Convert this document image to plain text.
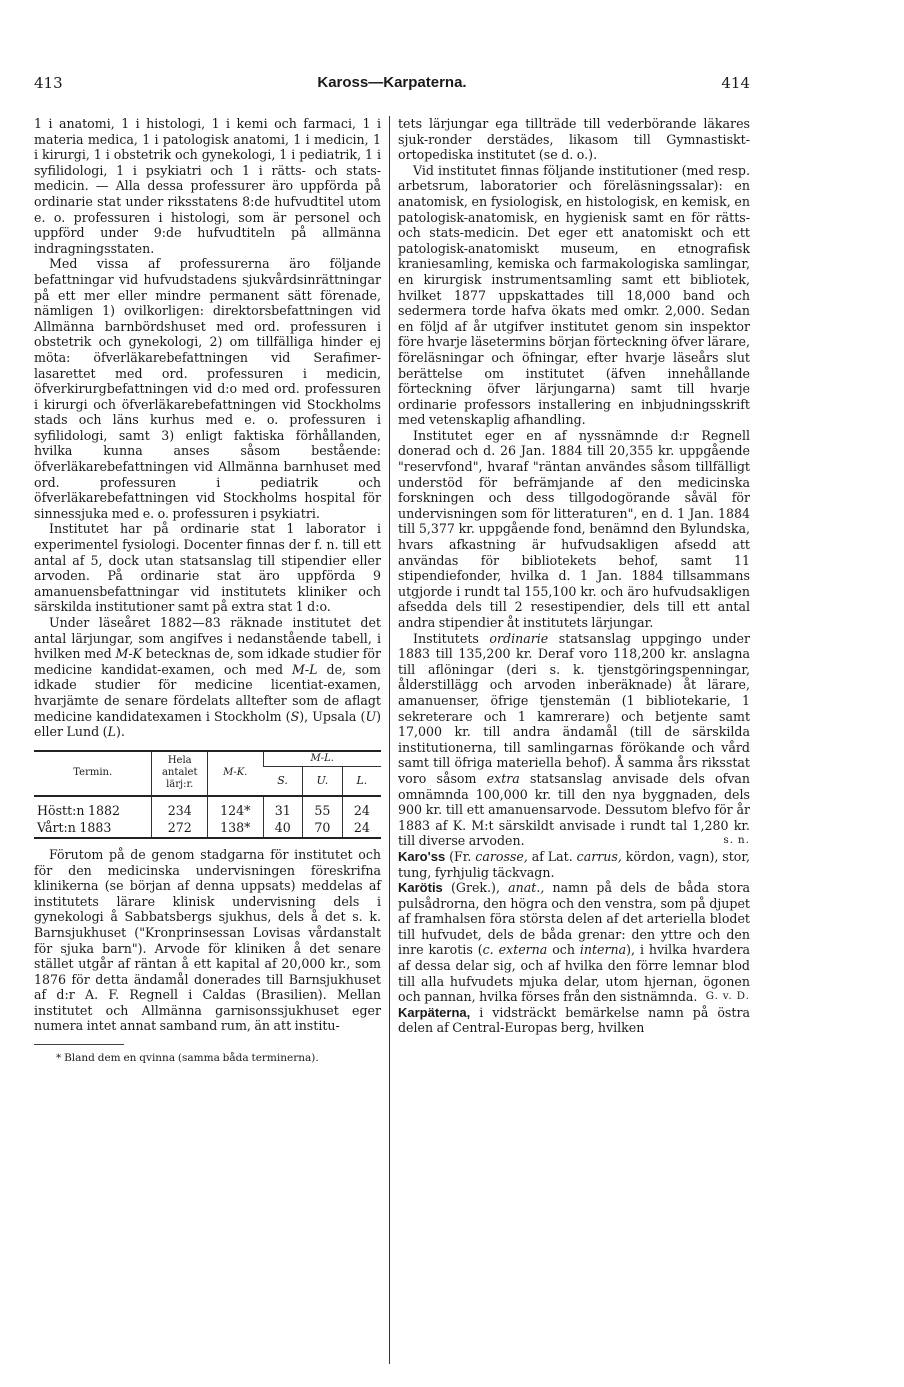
413	Kaross—Karpaterna.	414

1 i anatomi, 1 i histologi, 1 i kemi och farmaci, 1 i materia medica, 1 i patologisk anatomi, 1 i medicin, 1 i kirurgi, 1 i obstetrik och gynekologi, 1 i pediatrik, 1 i syfilidologi, 1 i psykiatri och 1 i rätts- och stats-medicin. — Alla dessa professurer äro uppförda på ordinarie stat under riksstatens 8:de hufvudtitel utom e. o. professuren i histologi, som är personel och uppförd under 9:de hufvudtiteln på allmänna indragningsstaten.

Med vissa af professurerna äro följande befattningar vid hufvudstadens sjukvårdsinrättningar på ett mer eller mindre permanent sätt förenade, nämligen 1) ovilkorligen: direktorsbefattningen vid Allmänna barnbördshuset med ord. professuren i obstetrik och gynekologi, 2) om tillfälliga hinder ej möta: öfverläkarebefattningen vid Serafimer-lasarettet med ord. professuren i medicin, öfverkirurgbefattningen vid d:o med ord. professuren i kirurgi och öfverläkarebefattningen vid Stockholms stads och läns kurhus med e. o. professuren i syfilidologi, samt 3) enligt faktiska förhållanden, hvilka kunna anses såsom bestående: öfverläkarebefattningen vid Allmänna barnhuset med ord. professuren i pediatrik och öfverläkarebefattningen vid Stockholms hospital för sinnessjuka med e. o. professuren i psykiatri.

Institutet har på ordinarie stat 1 laborator i experimentel fysiologi. Docenter finnas der f. n. till ett antal af 5, dock utan statsanslag till stipendier eller arvoden. På ordinarie stat äro uppförda 9 amanuensbefattningar vid institutets kliniker och särskilda institutioner samt på extra stat 1 d:o.

Under läseåret 1882—83 räknade institutet det antal lärjungar, som angifves i nedanstående tabell, i hvilken med M-K betecknas de, som idkade studier för medicine kandidat-examen, och med M-L de, som idkade studier för medicine licentiat-examen, hvarjämte de senare fördelats alltefter som de aflagt medicine kandidatexamen i Stockholm (S), Upsala (U) eller Lund (L).

Termin.	Hela antalet lärj:r.	M-K.	M-L.		
			S.	U.	L.
Höstt:n 1882	234	124*	31	55	24
Vårt:n 1883	272	138*	40	70	24

Förutom på de genom stadgarna för institutet och för den medicinska undervisningen föreskrifna klinikerna (se början af denna uppsats) meddelas af institutets lärare klinisk undervisning dels i gynekologi å Sabbatsbergs sjukhus, dels å det s. k. Barnsjukhuset ("Kronprinsessan Lovisas vårdanstalt för sjuka barn"). Arvode för kliniken å det senare stället utgår af räntan å ett kapital af 20,000 kr., som 1876 för detta ändamål donerades till Barnsjukhuset af d:r A. F. Regnell i Caldas (Brasilien). Mellan institutet och Allmänna garnisonssjukhuset eger numera intet annat samband rum, än att institu-

* Bland dem en qvinna (samma båda terminerna).

tets lärjungar ega tillträde till vederbörande läkares sjuk-ronder derstädes, likasom till Gymnastiskt-ortopediska institutet (se d. o.).

Vid institutet finnas följande institutioner (med resp. arbetsrum, laboratorier och föreläsningssalar): en anatomisk, en fysiologisk, en histologisk, en kemisk, en patologisk-anatomisk, en hygienisk samt en för rätts- och stats-medicin. Det eger ett anatomiskt och ett patologisk-anatomiskt museum, en etnografisk kraniesamling, kemiska och farmakologiska samlingar, en kirurgisk instrumentsamling samt ett bibliotek, hvilket 1877 uppskattades till 18,000 band och sedermera torde hafva ökats med omkr. 2,000. Sedan en följd af år utgifver institutet genom sin inspektor före hvarje läsetermins början förteckning öfver lärare, föreläsningar och öfningar, efter hvarje läseårs slut berättelse om institutet (äfven innehållande förteckning öfver lärjungarna) samt till hvarje ordinarie professors installering en inbjudningsskrift med vetenskaplig afhandling.

Institutet eger en af nyssnämnde d:r Regnell donerad och d. 26 Jan. 1884 till 20,355 kr. uppgående "reservfond", hvaraf "räntan användes såsom tillfälligt understöd för befrämjande af den medicinska forskningen och dess tillgodogörande såväl för undervisningen som för litteraturen", en d. 1 Jan. 1884 till 5,377 kr. uppgående fond, benämnd den Bylundska, hvars afkastning är hufvudsakligen afsedd att användas för bibliotekets behof, samt 11 stipendiefonder, hvilka d. 1 Jan. 1884 tillsammans utgjorde i rundt tal 155,100 kr. och äro hufvudsakligen afsedda dels till 2 resestipendier, dels till ett antal andra stipendier åt institutets lärjungar.

Institutets ordinarie statsanslag uppgingo under 1883 till 135,200 kr. Deraf voro 118,200 kr. anslagna till aflöningar (deri s. k. tjenstgöringspenningar, ålderstillägg och arvoden inberäknade) åt lärare, amanuenser, öfrige tjenstemän (1 bibliotekarie, 1 sekreterare och 1 kamrerare) och betjente samt 17,000 kr. till andra ändamål (till de särskilda institutionerna, till samlingarnas förökande och vård samt till öfriga materiella behof). Å samma års riksstat voro såsom extra statsanslag anvisade dels ofvan omnämnda 100,000 kr. till den nya byggnaden, dels 900 kr. till ett amanuensarvode. Dessutom blefvo för år 1883 af K. M:t särskildt anvisade i rundt tal 1,280 kr. till diverse arvoden.	s. n.

Karo'ss (Fr. carosse, af Lat. carrus, kördon, vagn), stor, tung, fyrhjulig täckvagn.

Karötis (Grek.), anat., namn på dels de båda stora pulsådrorna, den högra och den venstra, som på djupet af framhalsen föra största delen af det arteriella blodet till hufvudet, dels de båda grenar: den yttre och den inre karotis (c. externa och interna), i hvilka hvardera af dessa delar sig, och af hvilka den förre lemnar blod till alla hufvudets mjuka delar, utom hjernan, ögonen och pannan, hvilka förses från den sistnämnda. G. v. D.

Karpäterna, i vidsträckt bemärkelse namn på östra delen af Central-Europas berg, hvilken
